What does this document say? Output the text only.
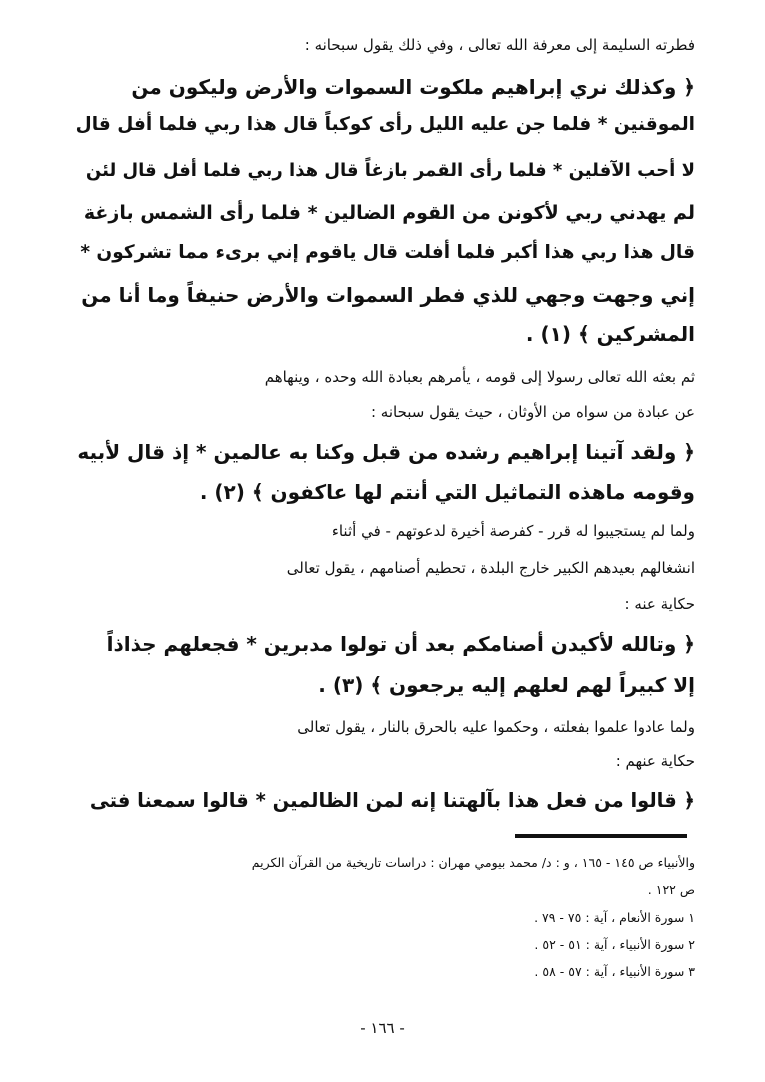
فطرته السليمة إلى معرفة الله تعالى ، وفي ذلك يقول سبحانه :
﴿ وكذلك نري إبراهيم ملكوت السموات والأرض وليكون من
الموقنين * فلما جن عليه الليل رأى كوكباً قال هذا ربي فلما أفل قال
لا أحب الآفلين * فلما رأى القمر بازغاً قال هذا ربي فلما أفل قال لئن
لم يهدني ربي لأكونن من القوم الضالين * فلما رأى الشمس بازغة
قال هذا ربي هذا أكبر فلما أفلت قال ياقوم إني برىء مما تشركون *
إني وجهت وجهي للذي فطر السموات والأرض حنيفاً وما أنا من
المشركين ﴾ (١) .
ثم بعثه الله تعالى رسولا إلى قومه ، يأمرهم بعبادة الله وحده ، وينهاهم
عن عبادة من سواه من الأوثان ، حيث يقول سبحانه :
﴿ ولقد آتينا إبراهيم رشده من قبل وكنا به عالمين * إذ قال لأبيه
وقومه ماهذه التماثيل التي أنتم لها عاكفون ﴾ (٢) .
ولما لم يستجيبوا له قرر - كفرصة أخيرة لدعوتهم - في أثناء
انشغالهم بعيدهم الكبير خارج البلدة ، تحطيم أصنامهم ، يقول تعالى
حكاية عنه :
﴿ وتالله لأكيدن أصنامكم بعد أن تولوا مدبرين * فجعلهم جذاذاً
إلا كبيراً لهم لعلهم إليه يرجعون ﴾ (٣) .
ولما عادوا علموا بفعلته ، وحكموا عليه بالحرق بالنار ، يقول تعالى
حكاية عنهم :
﴿ قالوا من فعل هذا بآلهتنا إنه لمن الظالمين * قالوا سمعنا فتى
والأنبياء ص ١٤٥ - ١٦٥ ، و : د/ محمد بيومي مهران : دراسات تاريخية من القرآن الكريم
ص ١٢٢ .
١ سورة الأنعام ، آية : ٧٥ - ٧٩ .
٢ سورة الأنبياء ، آية : ٥١ - ٥٢ .
٣ سورة الأنبياء ، آية : ٥٧ - ٥٨ .
- ١٦٦ -
